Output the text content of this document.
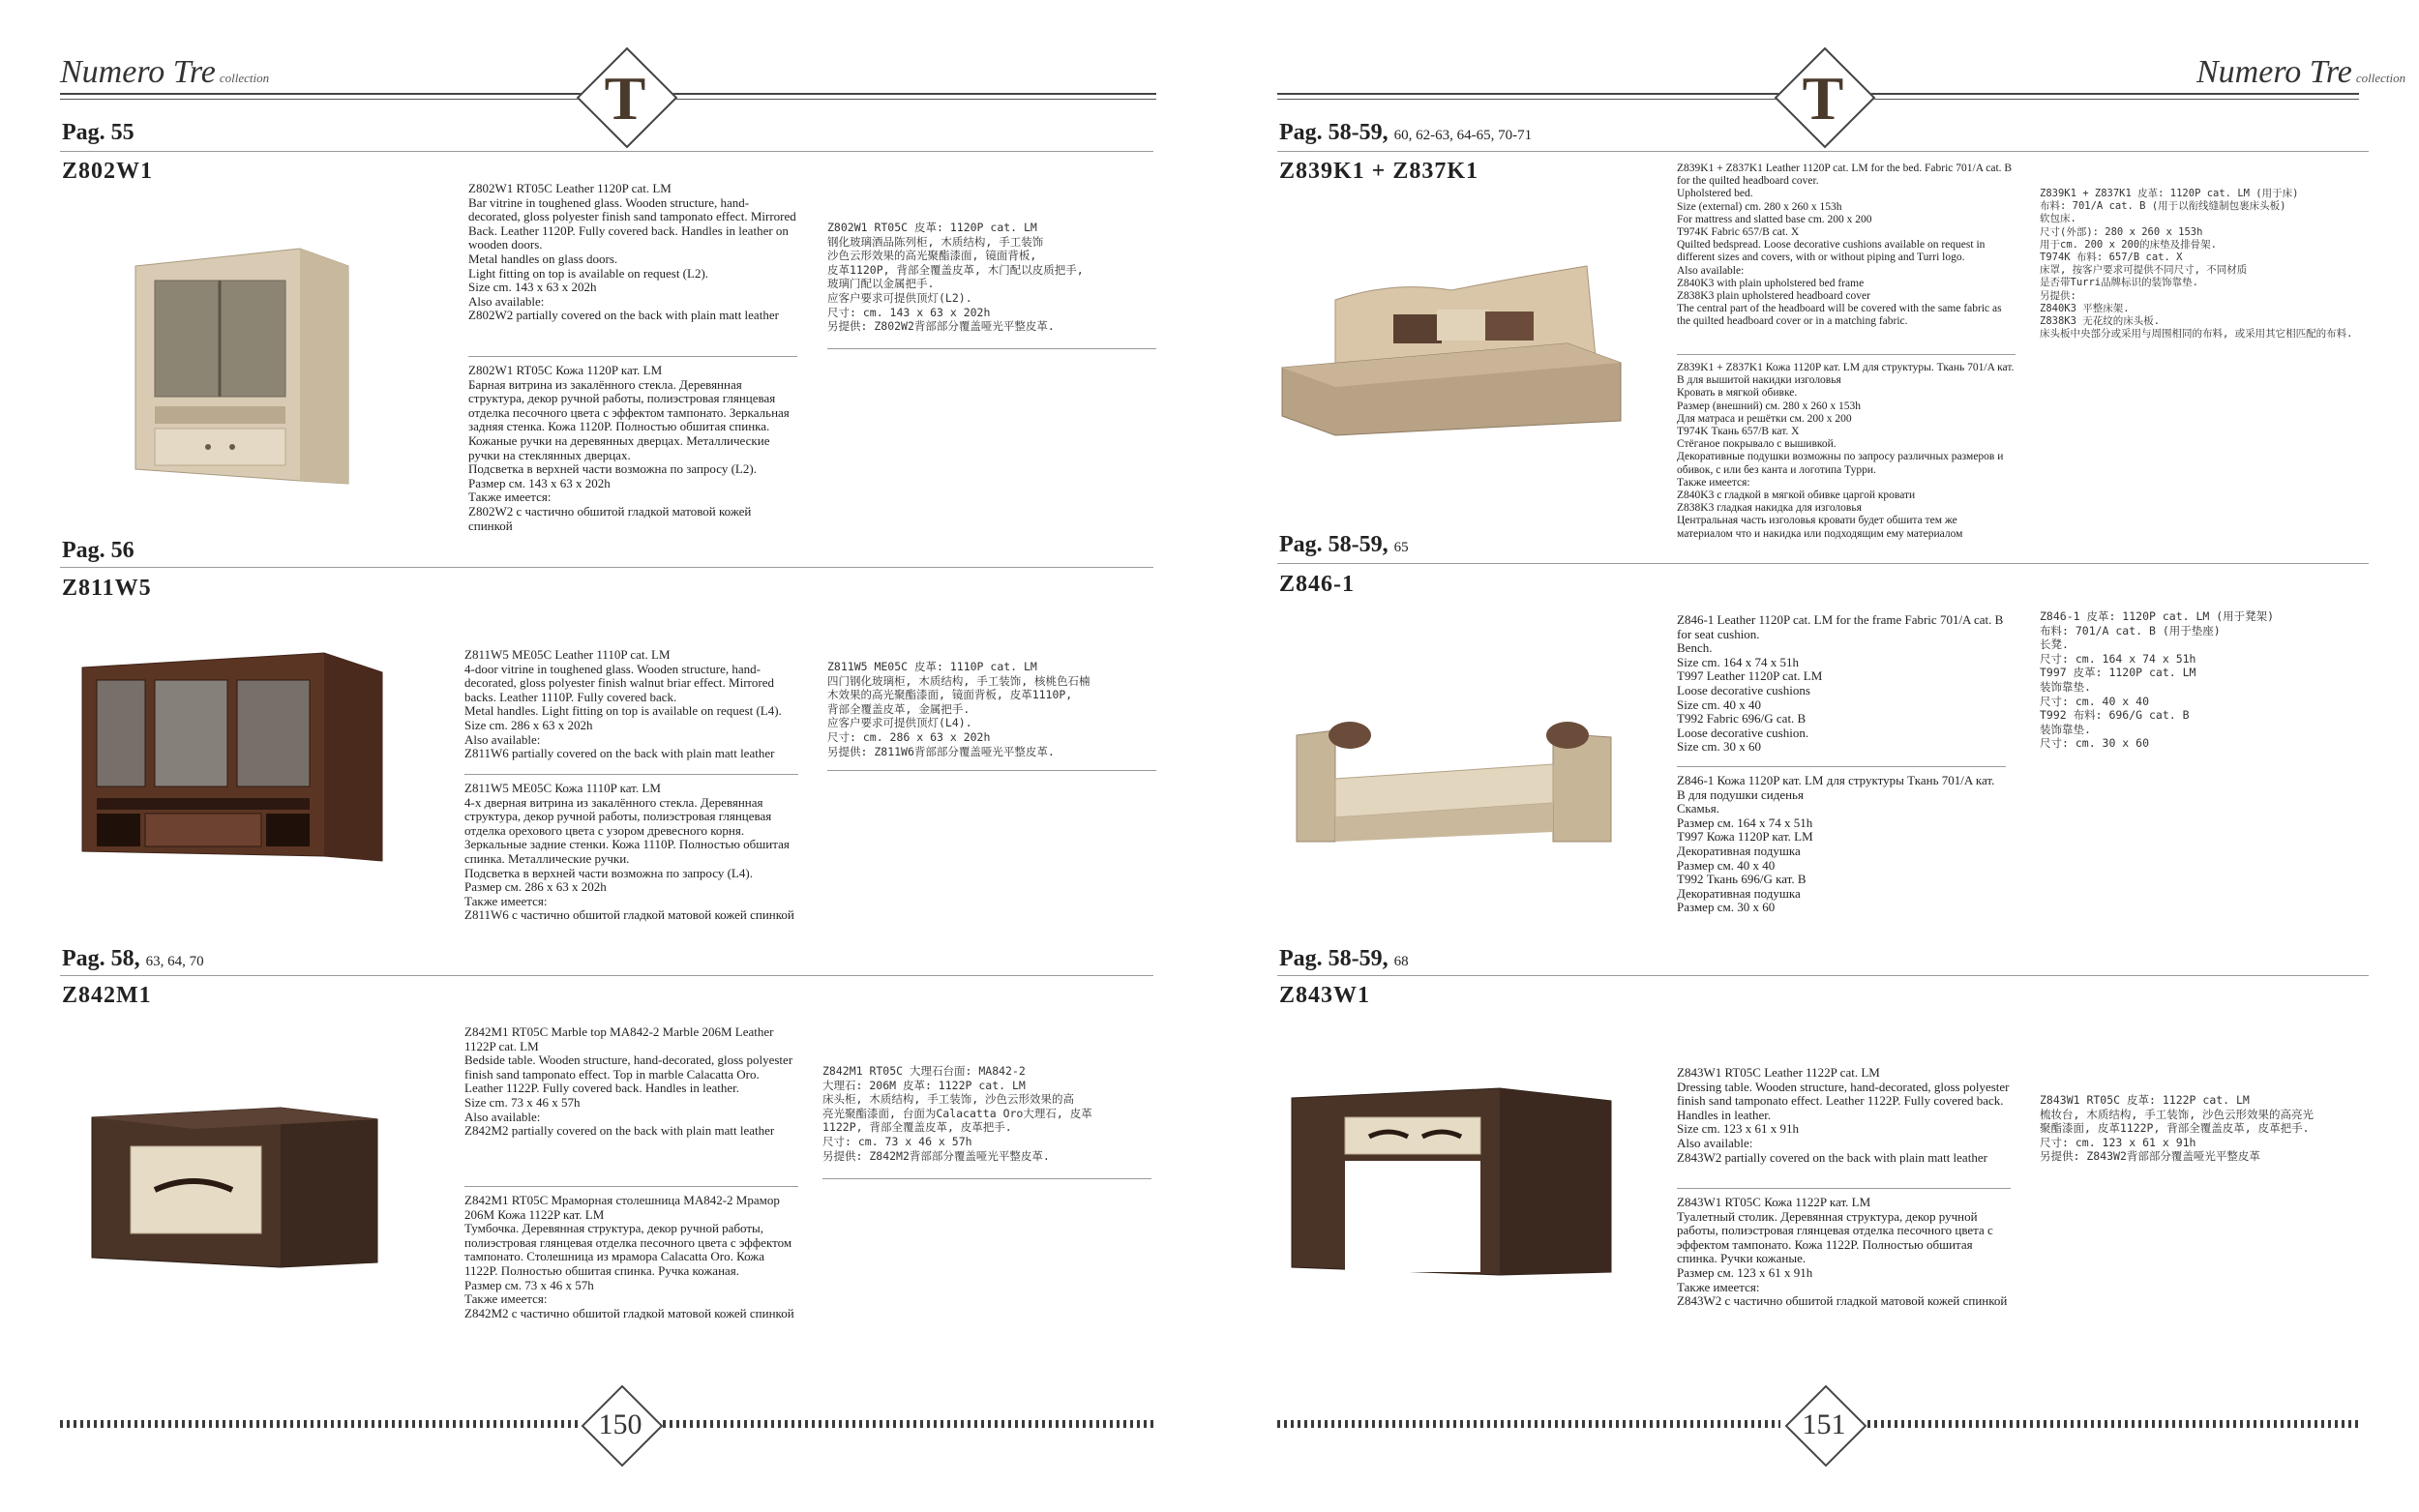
Numero Tre collection	T	T	Numero Tre collection
Pag. 55
Z802W1
Z802W1 RT05C Leather 1120P cat. LM
Bar vitrine in toughened glass. Wooden structure, hand-decorated, gloss polyester finish sand tamponato effect. Mirrored Back. Leather 1120P. Fully covered back. Handles in leather on wooden doors.
Metal handles on glass doors.
Light fitting on top is available on request (L2).
Size cm. 143 x 63 x 202h
Also available:
Z802W2 partially covered on the back with plain matt leather
Z802W1 RT05C Кожа 1120P кат. LM
Барная витрина из закалённого стекла. Деревянная структура, декор ручной работы, полиэстровая глянцевая отделка песочного цвета с эффектом тампонато. Зеркальная задняя стенка. Кожа 1120P. Полностью обшитая спинка. Кожаные ручки на деревянных дверцах. Металлические ручки на стеклянных дверцах.
Подсветка в верхней части возможна по запросу (L2).
Размер см. 143 x 63 x 202h
Также имеется:
Z802W2 с частично обшитой гладкой матовой кожей спинкой
Z802W1 RT05C 皮革: 1120P cat. LM
钢化玻璃酒品陈列柜, 木质结构, 手工装饰
沙色云形效果的高光聚酯漆面, 镜面背板,
皮革1120P, 背部全覆盖皮革, 木门配以皮质把手,
玻璃门配以金属把手.
应客户要求可提供顶灯(L2).
尺寸: cm. 143 x 63 x 202h
另提供: Z802W2背部部分覆盖哑光平整皮革.
Pag. 56
Z811W5
Z811W5 ME05C Leather 1110P cat. LM
4-door vitrine in toughened glass. Wooden structure, hand-decorated, gloss polyester finish walnut briar effect. Mirrored backs. Leather 1110P. Fully covered back.
Metal handles. Light fitting on top is available on request (L4).
Size cm. 286 x 63 x 202h
Also available:
Z811W6 partially covered on the back with plain matt leather
Z811W5 ME05C Кожа 1110P кат. LM
4-х дверная витрина из закалённого стекла. Деревянная структура, декор ручной работы, полиэстровая глянцевая отделка орехового цвета с узором древесного корня. Зеркальные задние стенки. Кожа 1110P. Полностью обшитая спинка. Металлические ручки.
Подсветка в верхней части возможна по запросу (L4).
Размер см. 286 x 63 x 202h
Также имеется:
Z811W6 с частично обшитой гладкой матовой кожей спинкой
Z811W5 ME05C 皮革: 1110P cat. LM
四门钢化玻璃柜, 木质结构, 手工装饰, 核桃色石楠
木效果的高光聚酯漆面, 镜面背板, 皮革1110P,
背部全覆盖皮革, 金属把手.
应客户要求可提供顶灯(L4).
尺寸: cm. 286 x 63 x 202h
另提供: Z811W6背部部分覆盖哑光平整皮革.
Pag. 58, 63, 64, 70
Z842M1
Z842M1 RT05C Marble top MA842-2 Marble 206M Leather 1122P cat. LM
Bedside table. Wooden structure, hand-decorated, gloss polyester finish sand tamponato effect. Top in marble Calacatta Oro. Leather 1122P. Fully covered back. Handles in leather.
Size cm. 73 x 46 x 57h
Also available:
Z842M2 partially covered on the back with plain matt leather
Z842M1 RT05C Мраморная столешница MA842-2 Мрамор 206M Кожа 1122P кат. LM
Тумбочка. Деревянная структура, декор ручной работы, полиэстровая глянцевая отделка песочного цвета с эффектом тампонато. Столешница из мрамора Calacatta Oro. Кожа 1122P. Полностью обшитая спинка. Ручка кожаная.
Размер см. 73 x 46 x 57h
Также имеется:
Z842M2 с частично обшитой гладкой матовой кожей спинкой
Z842M1 RT05C 大理石台面: MA842-2
大理石: 206M 皮革: 1122P cat. LM
床头柜, 木质结构, 手工装饰, 沙色云形效果的高
亮光聚酯漆面, 台面为Calacatta Oro大理石, 皮革
1122P, 背部全覆盖皮革, 皮革把手.
尺寸: cm. 73 x 46 x 57h
另提供: Z842M2背部部分覆盖哑光平整皮革.
Pag. 58-59, 60, 62-63, 64-65, 70-71
Z839K1 + Z837K1	Z839K1 + Z837K1 Leather 1120P cat. LM for the bed. Fabric 701/A cat. B for the quilted headboard cover.
Upholstered bed.
Size (external) cm. 280 x 260 x 153h
For mattress and slatted base cm. 200 x 200
T974K Fabric 657/B cat. X
Quilted bedspread. Loose decorative cushions available on request in different sizes and covers, with or without piping and Turri logo.
Also available:
Z840K3 with plain upholstered bed frame
Z838K3 plain upholstered headboard cover
The central part of the headboard will be covered with the same fabric as the quilted headboard cover or in a matching fabric.
Z839K1 + Z837K1 Кожа 1120P кат. LM для структуры. Ткань 701/A кат. B для вышитой накидки изголовья
Кровать в мягкой обивке.
Размер (внешний) см. 280 x 260 x 153h
Для матраса и решётки см. 200 x 200
T974K Ткань 657/B кат. X
Стёганое покрывало с вышивкой.
Декоративные подушки возможны по запросу различных размеров и обивок, с или без канта и логотипа Турри.
Также имеется:
Z840K3 с гладкой в мягкой обивке царгой кровати
Z838K3 гладкая накидка для изголовья
Центральная часть изголовья кровати будет обшита тем же материалом что и накидка или подходящим ему материалом
Z839K1 + Z837K1 皮革: 1120P cat. LM (用于床)
布料: 701/A cat. B (用于以衔线缝制包裹床头板)
软包床.
尺寸(外部): 280 x 260 x 153h
用于cm. 200 x 200的床垫及排骨架.
T974K 布料: 657/B cat. X
床罩, 按客户要求可提供不同尺寸, 不同材质
是否带Turri品牌标识的装饰靠垫.
另提供:
Z840K3 平整床架.
Z838K3 无花纹的床头板.
床头板中央部分或采用与周围相同的布料, 或采用其它相匹配的布料.
Pag. 58-59, 65
Z846-1
Z846-1 Leather 1120P cat. LM for the frame Fabric 701/A cat. B for seat cushion.
Bench.
Size cm. 164 x 74 x 51h
T997 Leather 1120P cat. LM
Loose decorative cushions
Size cm. 40 x 40
T992 Fabric 696/G cat. B
Loose decorative cushion.
Size cm. 30 x 60
Z846-1 Кожа 1120P кат. LM для структуры Ткань 701/A кат. B для подушки сиденья
Скамья.
Размер см. 164 x 74 x 51h
T997 Кожа 1120P кат. LM
Декоративная подушка
Размер см. 40 x 40
T992 Ткань 696/G кат. B
Декоративная подушка
Размер см. 30 x 60
Z846-1 皮革: 1120P cat. LM (用于凳架)
布料: 701/A cat. B (用于垫座)
长凳.
尺寸: cm. 164 x 74 x 51h
T997 皮革: 1120P cat. LM
装饰靠垫.
尺寸: cm. 40 x 40
T992 布料: 696/G cat. B
装饰靠垫.
尺寸: cm. 30 x 60
Pag. 58-59, 68
Z843W1
Z843W1 RT05C Leather 1122P cat. LM
Dressing table. Wooden structure, hand-decorated, gloss polyester finish sand tamponato effect. Leather 1122P. Fully covered back. Handles in leather.
Size cm. 123 x 61 x 91h
Also available:
Z843W2 partially covered on the back with plain matt leather
Z843W1 RT05C Кожа 1122P кат. LM
Туалетный столик. Деревянная структура, декор ручной работы, полиэстровая глянцевая отделка песочного цвета с эффектом тампонато. Кожа 1122P. Полностью обшитая спинка. Ручки кожаные.
Размер см. 123 x 61 x 91h
Также имеется:
Z843W2 с частично обшитой гладкой матовой кожей спинкой
Z843W1 RT05C 皮革: 1122P cat. LM
梳妆台, 木质结构, 手工装饰, 沙色云形效果的高亮光
聚酯漆面, 皮革1122P, 背部全覆盖皮革, 皮革把手.
尺寸: cm. 123 x 61 x 91h
另提供: Z843W2背部部分覆盖哑光平整皮革
150	151
